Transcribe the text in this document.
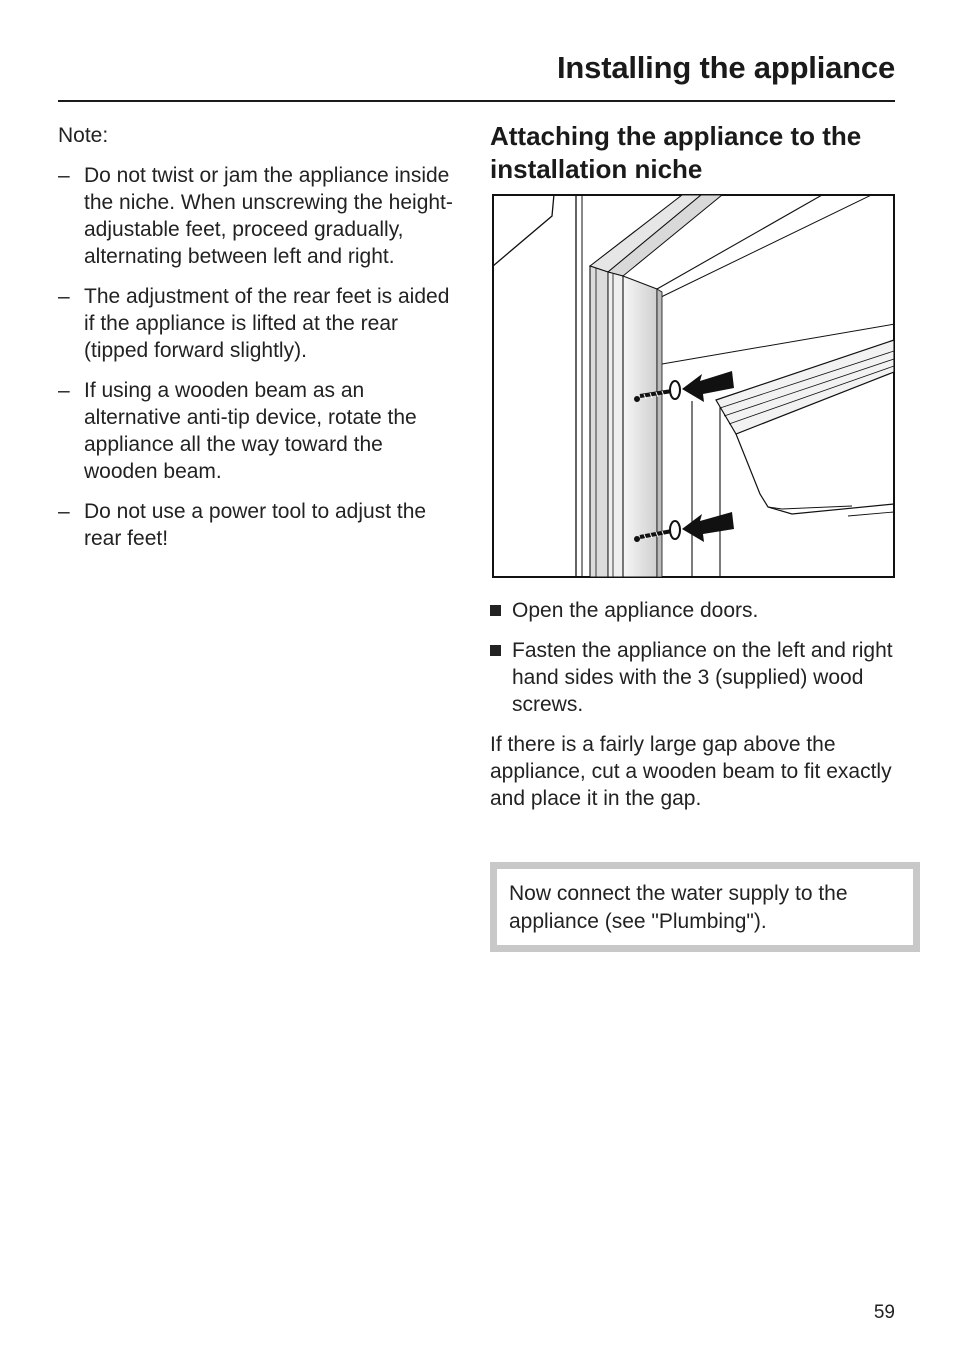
Installing the appliance

Note:

– Do not twist or jam the appliance inside the niche. When unscrewing the height-adjustable feet, proceed gradually, alternating between left and right.
– The adjustment of the rear feet is aided if the appliance is lifted at the rear (tipped forward slightly).
– If using a wooden beam as an alternative anti-tip device, rotate the appliance all the way toward the wooden beam.
– Do not use a power tool to adjust the rear feet!
Attaching the appliance to the installation niche
Open the appliance doors.
Fasten the appliance on the left and right hand sides with the 3 (supplied) wood screws.

If there is a fairly large gap above the appliance, cut a wooden beam to fit exactly and place it in the gap.

Now connect the water supply to the appliance (see "Plumbing").

59
